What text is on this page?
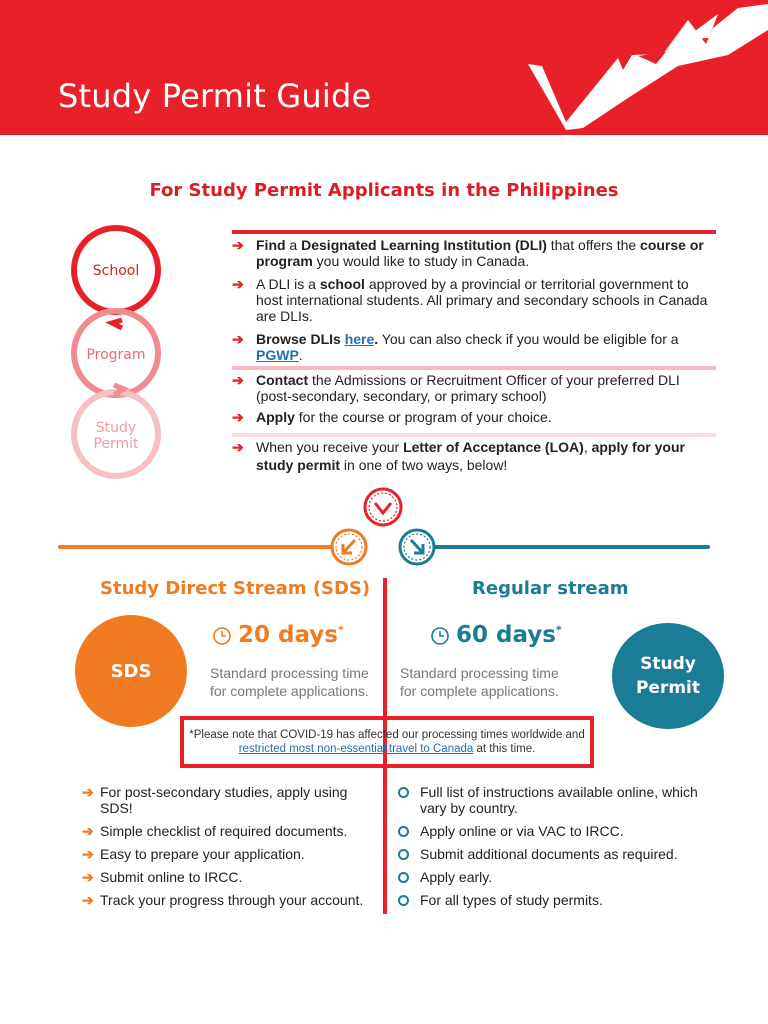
Study Permit Guide
For Study Permit Applicants in the Philippines
School
Program
Study Permit

➔ Find a Designated Learning Institution (DLI) that offers the course or program you would like to study in Canada.

➔ A DLI is a school approved by a provincial or territorial government to host international students. All primary and secondary schools in Canada are DLIs.

➔ Browse DLIs here. You can also check if you would be eligible for a PGWP.

➔ Contact the Admissions or Recruitment Officer of your preferred DLI (post-secondary, secondary, or primary school)

➔ Apply for the course or program of your choice.

➔ When you receive your Letter of Acceptance (LOA), apply for your study permit in one of two ways, below!

Study Direct Stream (SDS)	Regular stream
SDS	Study
Permit
20 days*	60 days*
Standard processing time
for complete applications.
Standard processing time
for complete applications.
*Please note that COVID-19 has affected our processing times worldwide and restricted most non-essential travel to Canada at this time.
➔ For post-secondary studies, apply using SDS!
➔ Simple checklist of required documents.
➔ Easy to prepare your application.
➔ Submit online to IRCC.
➔ Track your progress through your account.
Full list of instructions available online, which vary by country.
Apply online or via VAC to IRCC.
Submit additional documents as required.
Apply early.
For all types of study permits.
